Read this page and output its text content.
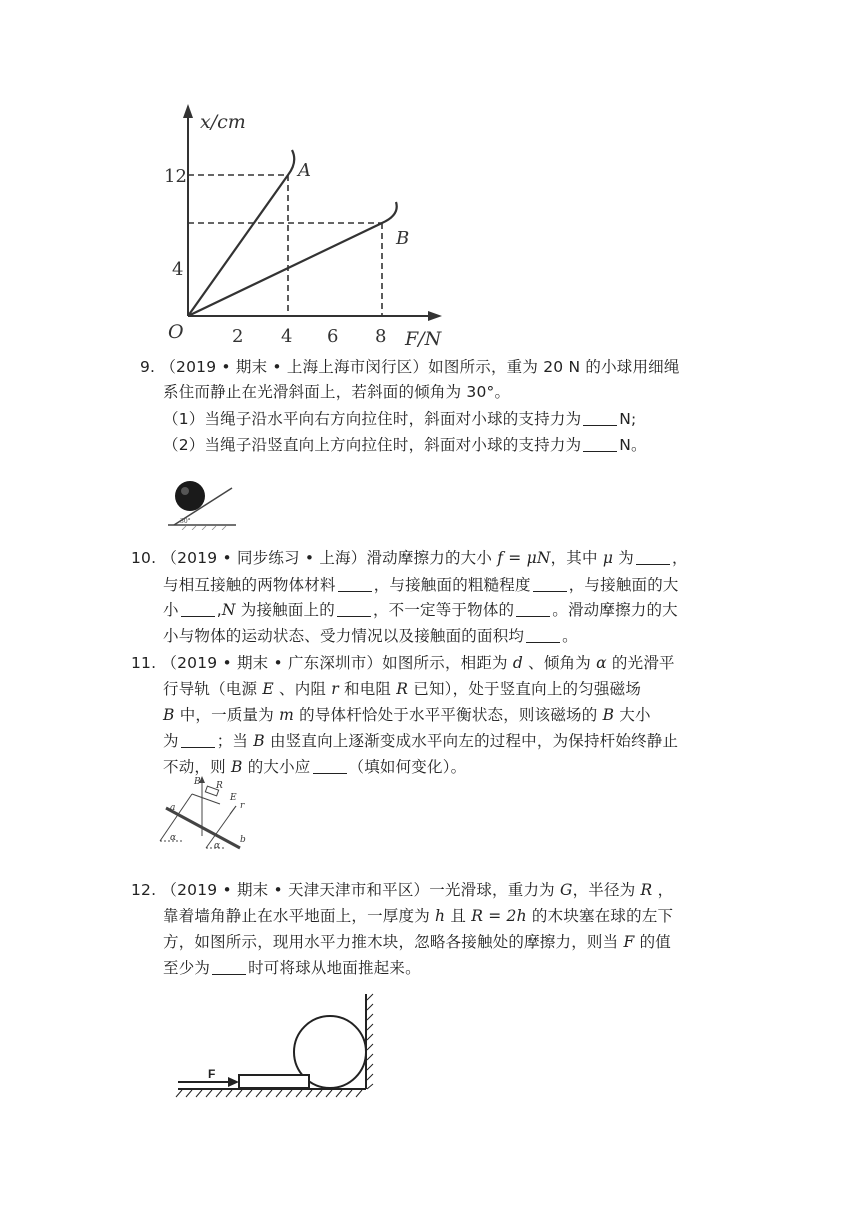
x/cm
F/N
O
12
4
2 4 6 8
A
B
9. （2019 • 期末 • 上海上海市闵行区）如图所示，重为 20 N 的小球用细绳
系住而静止在光滑斜面上，若斜面的倾角为 30°。
（1）当绳子沿水平向右方向拉住时，斜面对小球的支持力为 N;
（2）当绳子沿竖直向上方向拉住时，斜面对小球的支持力为 N。
30°
10. （2019 • 同步练习 • 上海）滑动摩擦力的大小 f = μN，其中 μ 为 ，
与相互接触的两物体材料 ，与接触面的粗糙程度 ，与接触面的大
小 ,N 为接触面上的 ，不一定等于物体的 。滑动摩擦力的大
小与物体的运动状态、受力情况以及接触面的面积均 。
11. （2019 • 期末 • 广东深圳市）如图所示，相距为 d 、倾角为 α 的光滑平
行导轨（电源 E 、内阻 r 和电阻 R 已知），处于竖直向上的匀强磁场
B 中，一质量为 m 的导体杆恰处于水平平衡状态，则该磁场的 B 大小
为 ；当 B 由竖直向上逐渐变成水平向左的过程中，为保持杆始终静止
不动，则 B 的大小应 （填如何变化）。
B R
E
r
a
b
α
α
12. （2019 • 期末 • 天津天津市和平区）一光滑球，重力为 G，半径为 R ，
靠着墙角静止在水平地面上，一厚度为 h 且 R = 2h 的木块塞在球的左下
方，如图所示，现用水平力推木块，忽略各接触处的摩擦力，则当 F 的值
至少为 时可将球从地面推起来。
F
